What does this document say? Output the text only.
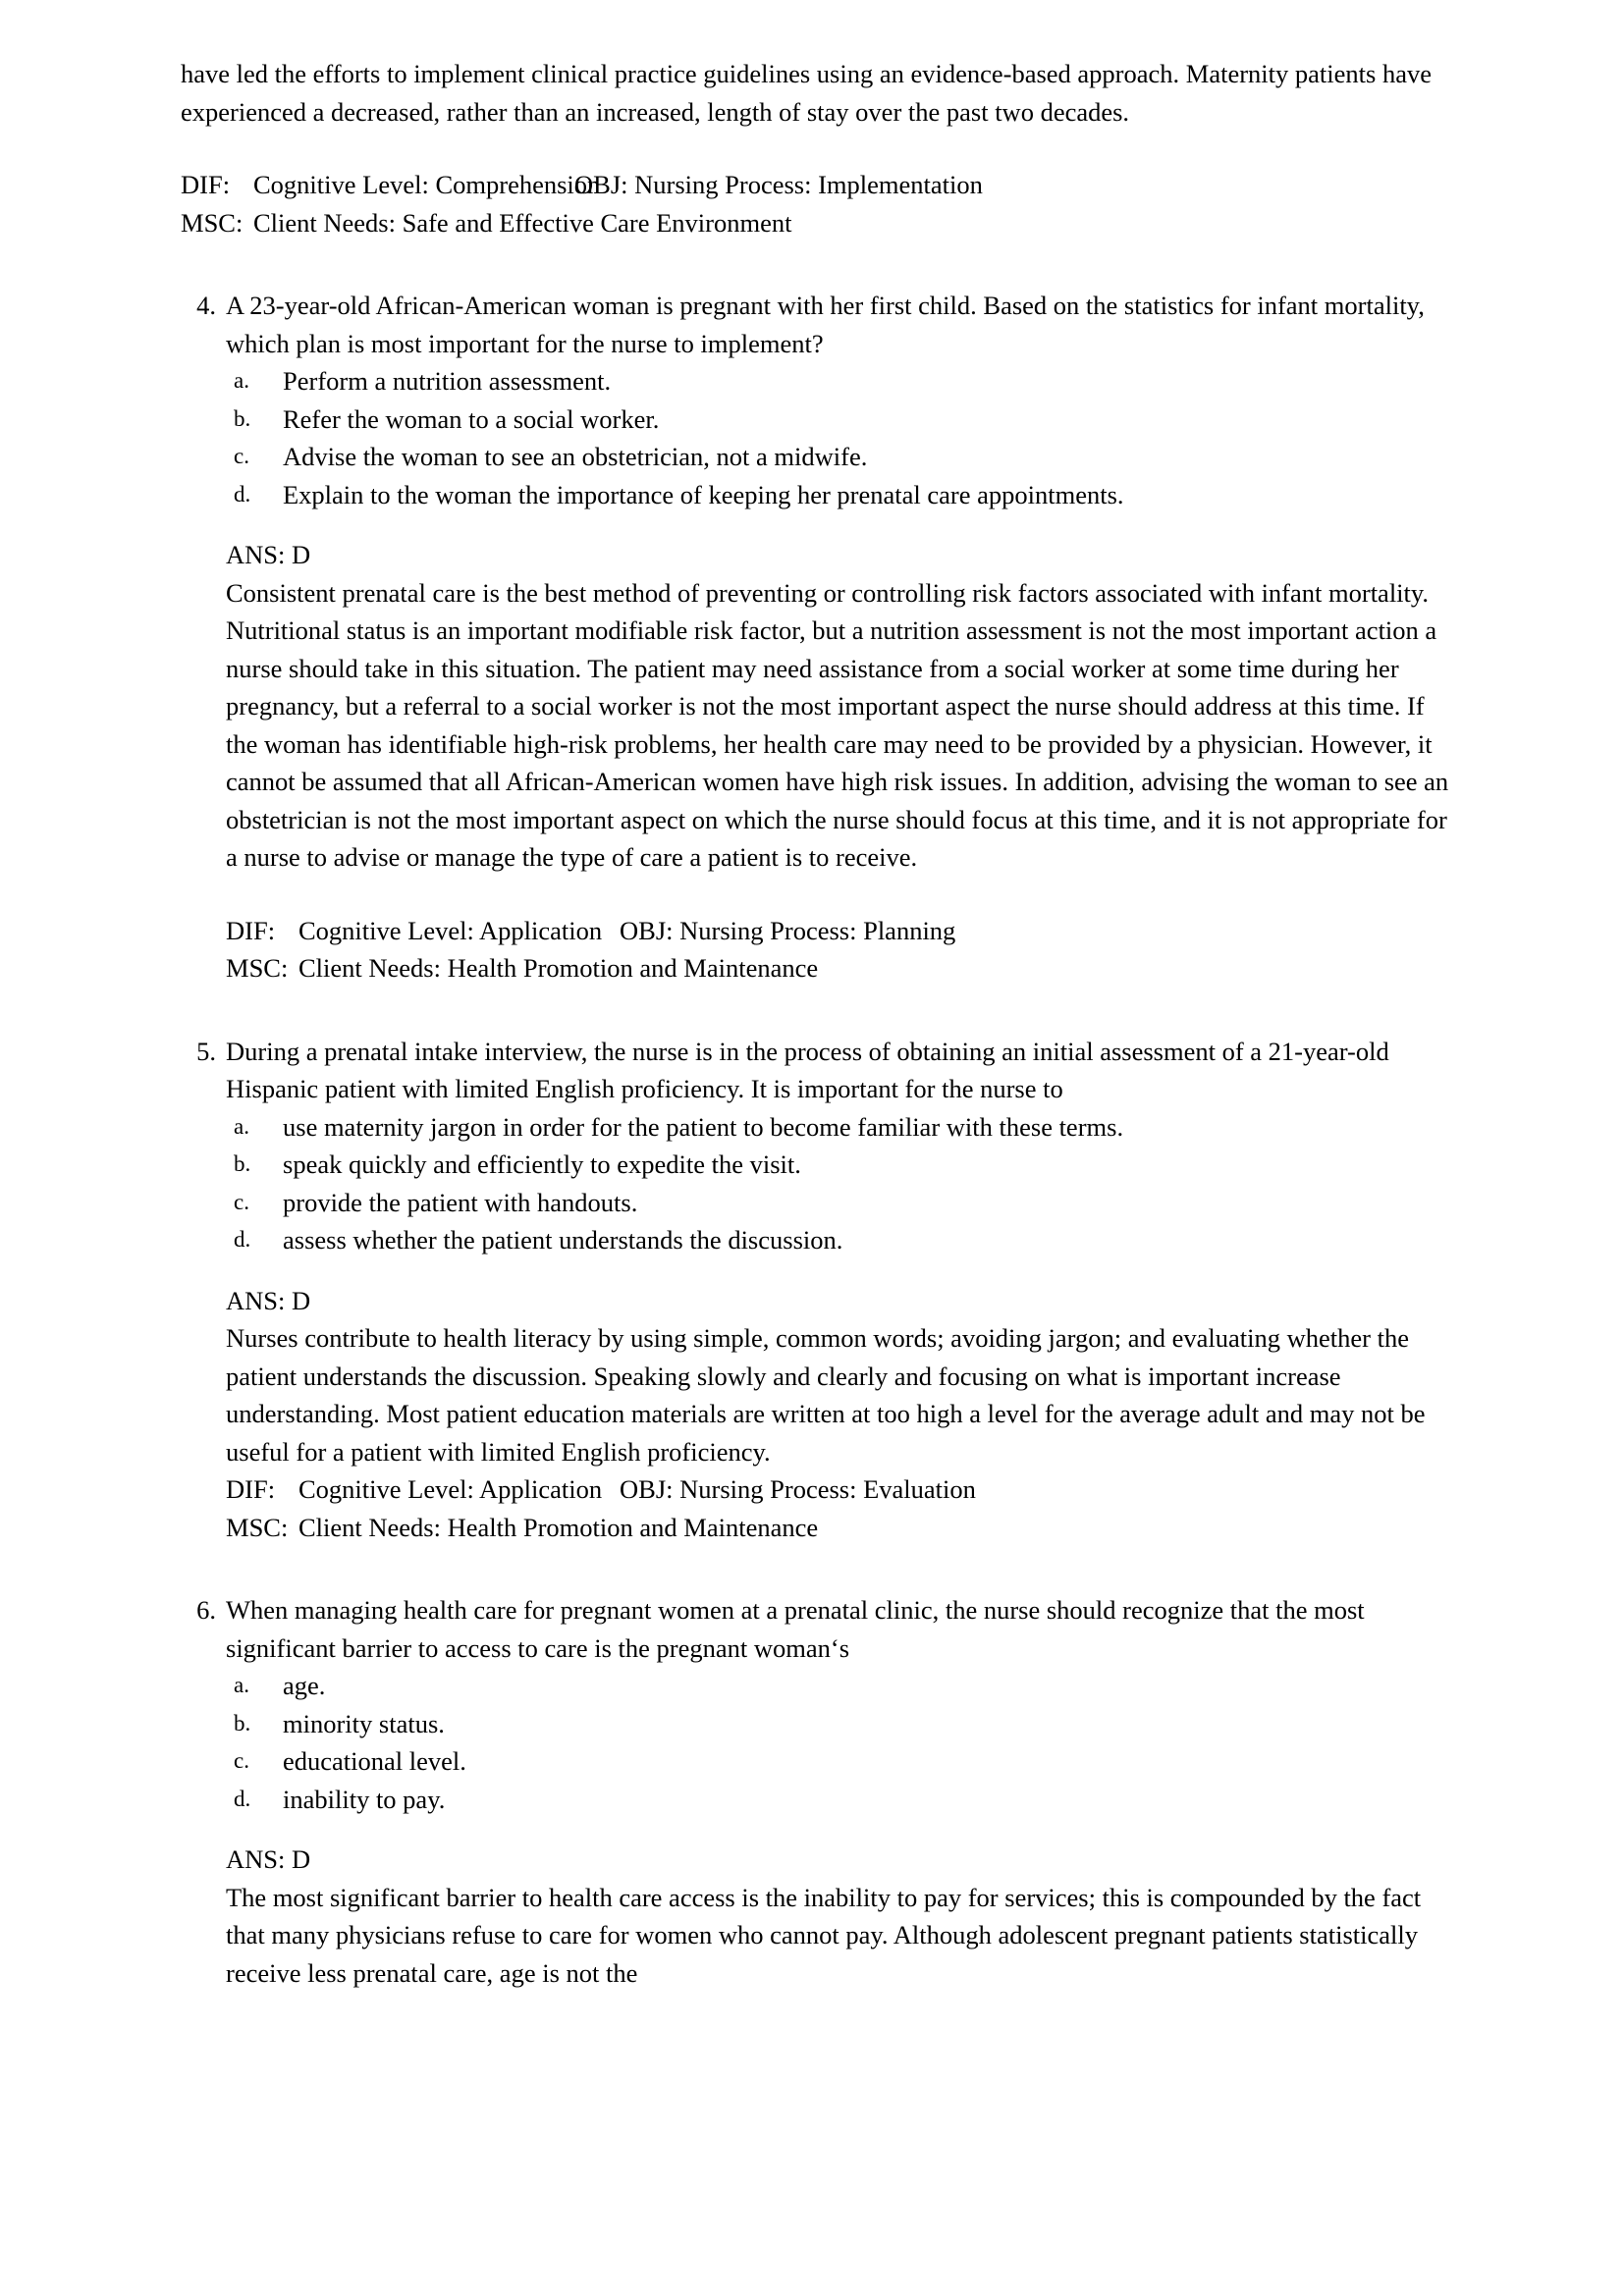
have led the efforts to implement clinical practice guidelines using an evidence-based approach. Maternity patients have experienced a decreased, rather than an increased, length of stay over the past two decades.

DIF: Cognitive Level: ComprehensionOBJ: Nursing Process: Implementation
MSC: Client Needs: Safe and Effective Care Environment
4. A 23-year-old African-American woman is pregnant with her first child. Based on the statistics for infant mortality, which plan is most important for the nurse to implement?

a. Perform a nutrition assessment.
b. Refer the woman to a social worker.
c. Advise the woman to see an obstetrician, not a midwife.
d. Explain to the woman the importance of keeping her prenatal care appointments.

ANS: D

Consistent prenatal care is the best method of preventing or controlling risk factors associated with infant mortality. Nutritional status is an important modifiable risk factor, but a nutrition assessment is not the most important action a nurse should take in this situation. The patient may need assistance from a social worker at some time during her pregnancy, but a referral to a social worker is not the most important aspect the nurse should address at this time. If the woman has identifiable high-risk problems, her health care may need to be provided by a physician. However, it cannot be assumed that all African-American women have high risk issues. In addition, advising the woman to see an obstetrician is not the most important aspect on which the nurse should focus at this time, and it is not appropriate for a nurse to advise or manage the type of care a patient is to receive.

DIF: Cognitive Level: Application OBJ: Nursing Process: Planning
MSC: Client Needs: Health Promotion and Maintenance
5. During a prenatal intake interview, the nurse is in the process of obtaining an initial assessment of a 21-year-old Hispanic patient with limited English proficiency. It is important for the nurse to

a. use maternity jargon in order for the patient to become familiar with these terms.
b. speak quickly and efficiently to expedite the visit.
c. provide the patient with handouts.
d. assess whether the patient understands the discussion.

ANS: D

Nurses contribute to health literacy by using simple, common words; avoiding jargon; and evaluating whether the patient understands the discussion. Speaking slowly and clearly and focusing on what is important increase understanding. Most patient education materials are written at too high a level for the average adult and may not be useful for a patient with limited English proficiency.

DIF: Cognitive Level: Application OBJ: Nursing Process: Evaluation
MSC: Client Needs: Health Promotion and Maintenance
6. When managing health care for pregnant women at a prenatal clinic, the nurse should recognize that the most significant barrier to access to care is the pregnant woman‘s

a. age.
b. minority status.
c. educational level.
d. inability to pay.

ANS: D

The most significant barrier to health care access is the inability to pay for services; this is compounded by the fact that many physicians refuse to care for women who cannot pay. Although adolescent pregnant patients statistically receive less prenatal care, age is not the
